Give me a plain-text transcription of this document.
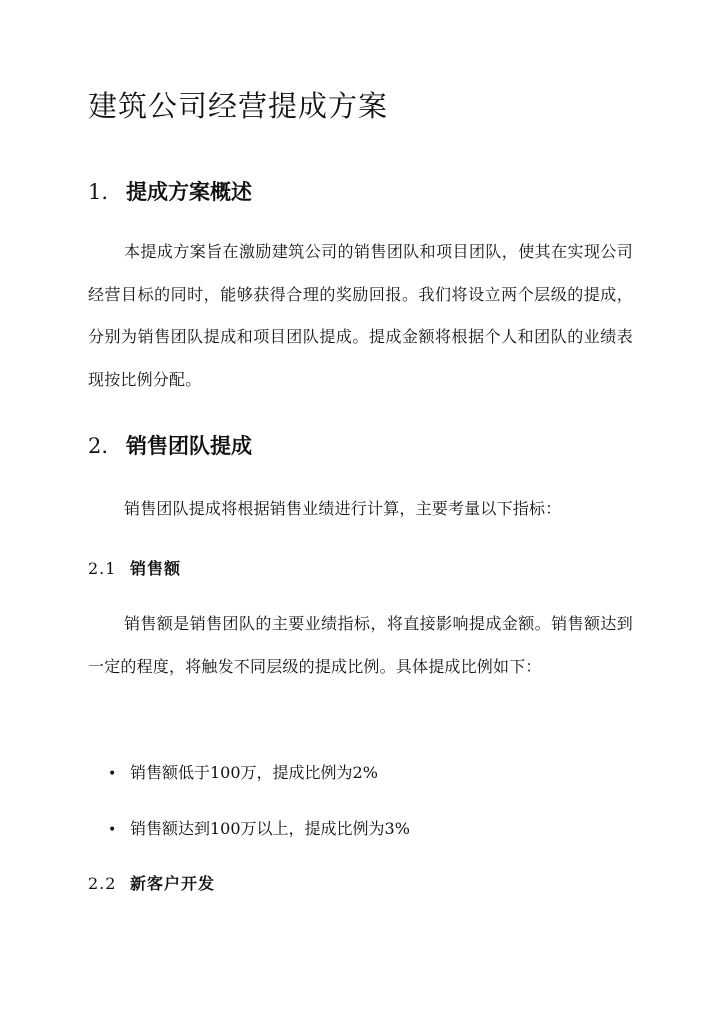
建筑公司经营提成方案
1. 提成方案概述

本提成方案旨在激励建筑公司的销售团队和项目团队，使其在实现公司经营目标的同时，能够获得合理的奖励回报。我们将设立两个层级的提成，分别为销售团队提成和项目团队提成。提成金额将根据个人和团队的业绩表现按比例分配。

2. 销售团队提成

销售团队提成将根据销售业绩进行计算，主要考量以下指标：

2.1 销售额

销售额是销售团队的主要业绩指标，将直接影响提成金额。销售额达到一定的程度，将触发不同层级的提成比例。具体提成比例如下：

• 销售额低于100万，提成比例为2%

• 销售额达到100万以上，提成比例为3%

2.2 新客户开发
